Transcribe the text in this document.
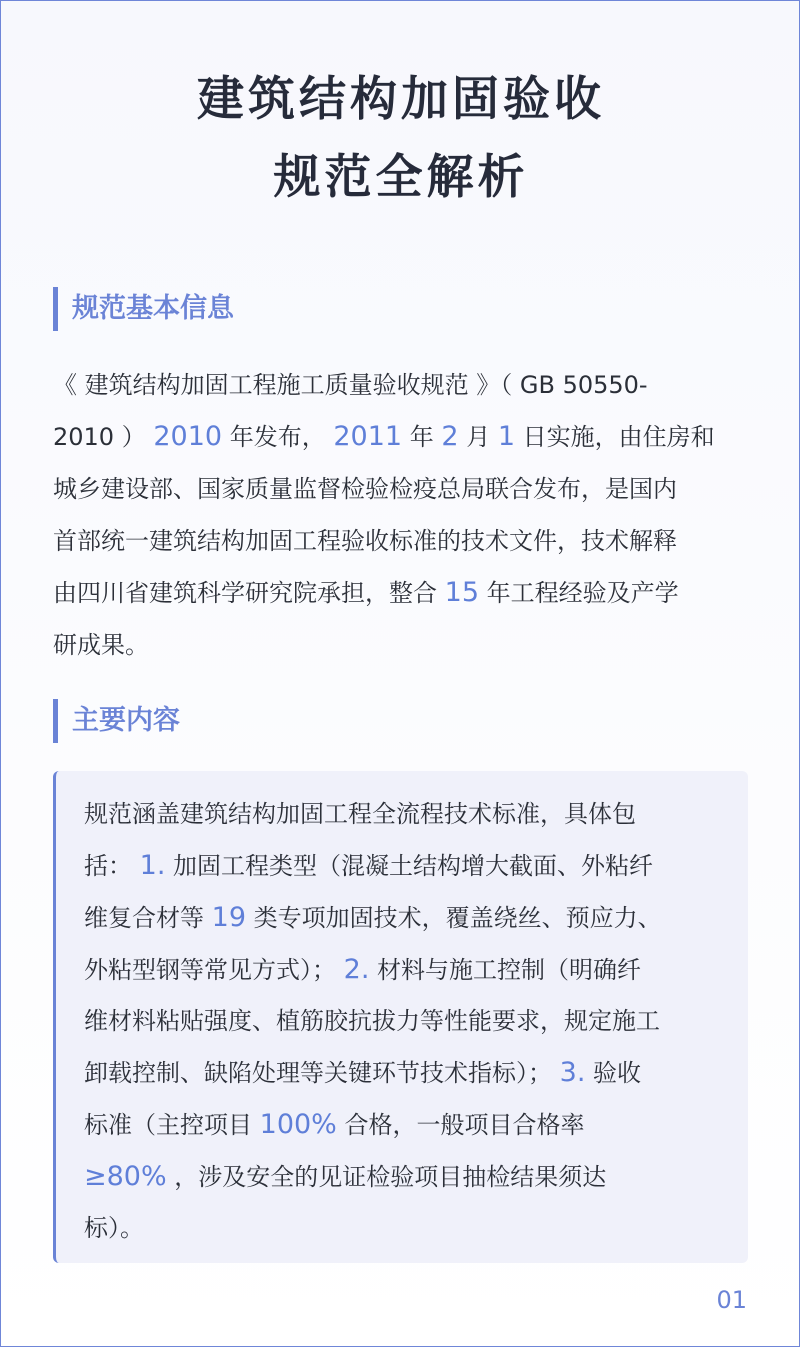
建筑结构加固验收
规范全解析
规范基本信息
《 建筑结构加固工程施工质量验收规范 》（ GB 50550-
2010 ） 2010 年发布， 2011 年 2 月 1 日实施，由住房和
城乡建设部、国家质量监督检验检疫总局联合发布，是国内
首部统一建筑结构加固工程验收标准的技术文件，技术解释
由四川省建筑科学研究院承担，整合 15 年工程经验及产学
研成果。
主要内容
规范涵盖建筑结构加固工程全流程技术标准，具体包
括： 1. 加固工程类型（混凝土结构增大截面、外粘纤
维复合材等 19 类专项加固技术，覆盖绕丝、预应力、
外粘型钢等常见方式）； 2. 材料与施工控制（明确纤
维材料粘贴强度、植筋胶抗拔力等性能要求，规定施工
卸载控制、缺陷处理等关键环节技术指标）； 3. 验收
标准（主控项目 100% 合格，一般项目合格率
≥80% ，涉及安全的见证检验项目抽检结果须达
标）。
01
